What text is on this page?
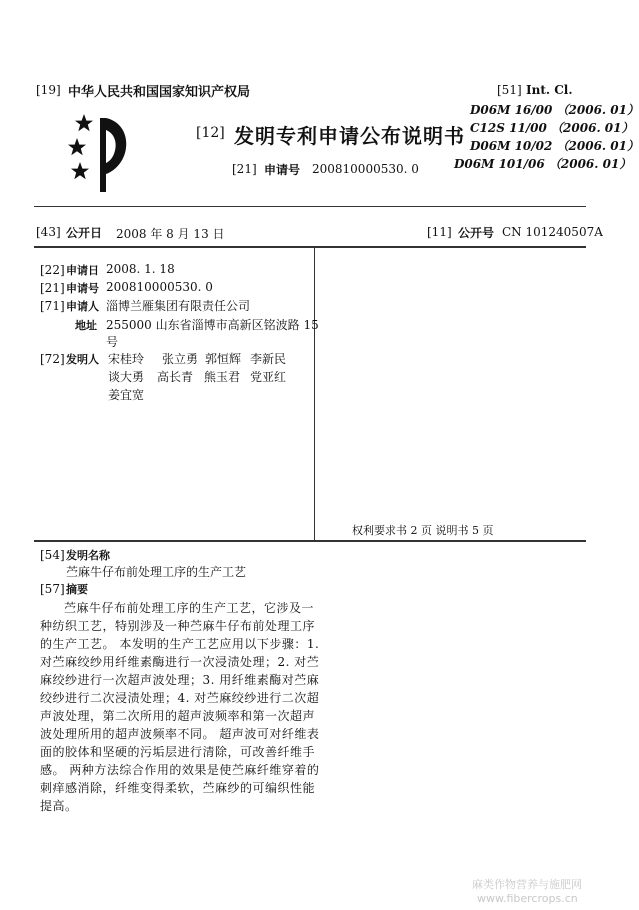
[19] 中华人民共和国国家知识产权局
[12] 发明专利申请公布说明书
[21] 申请号 200810000530. 0
[51] Int. Cl.
D06M 16/00 （2006. 01）
C12S 11/00 （2006. 01）
D06M 10/02 （2006. 01）
D06M 101/06 （2006. 01）
[43] 公开日 2008 年 8 月 13 日	[11] 公开号 CN 101240507A
[22] 申请日 2008. 1. 18
[21] 申请号 200810000530. 0
[71] 申请人 淄博兰雁集团有限责任公司
地址 255000 山东省淄博市高新区铭波路 15
号
[72] 发明人 宋桂玲 张立勇 郭恒辉 李新民
谈大勇 高长青 熊玉君 党亚红
姜宜宽
权利要求书 2 页 说明书 5 页
[54] 发明名称
苎麻牛仔布前处理工序的生产工艺
[57] 摘要
苎麻牛仔布前处理工序的生产工艺，它涉及一
种纺织工艺，特别涉及一种苎麻牛仔布前处理工序
的生产工艺。 本发明的生产工艺应用以下步骤：1.
对苎麻绞纱用纤维素酶进行一次浸渍处理；2. 对苎
麻绞纱进行一次超声波处理；3. 用纤维素酶对苎麻
绞纱进行二次浸渍处理；4. 对苎麻绞纱进行二次超
声波处理，第二次所用的超声波频率和第一次超声
波处理所用的超声波频率不同。 超声波可对纤维表
面的胶体和坚硬的污垢层进行清除，可改善纤维手
感。 两种方法综合作用的效果是使苎麻纤维穿着的
刺痒感消除，纤维变得柔软，苎麻纱的可编织性能
提高。
麻类作物营养与施肥网
www.fibercrops.cn
